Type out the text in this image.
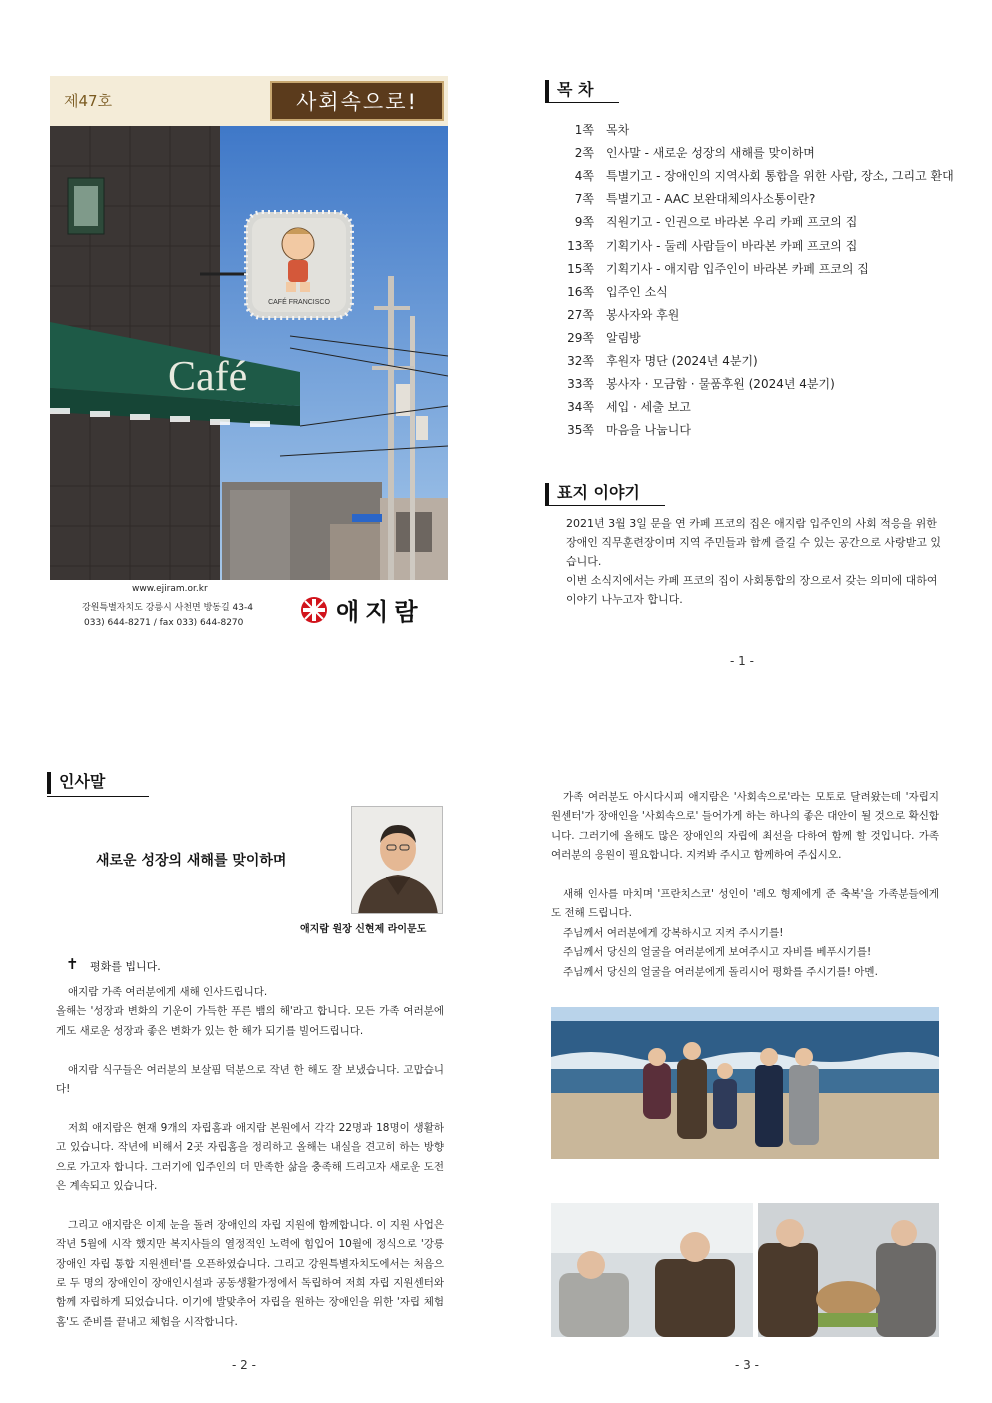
제47호	사회속으로!
Café
CAFÉ FRANCISCO
www.ejiram.or.kr
강원특별자치도 강릉시 사천면 방동길 43-4
033) 644-8271 / fax 033) 644-8270	애지람
목 차
1쪽 목차
2쪽 인사말 - 새로운 성장의 새해를 맞이하며
4쪽 특별기고 - 장애인의 지역사회 통합을 위한 사람, 장소, 그리고 환대
7쪽 특별기고 - AAC 보완대체의사소통이란?
9쪽 직원기고 - 인권으로 바라본 우리 카페 프코의 집
13쪽 기획기사 - 둘레 사람들이 바라본 카페 프코의 집
15쪽 기획기사 - 애지람 입주인이 바라본 카페 프코의 집
16쪽 입주인 소식
27쪽 봉사자와 후원
29쪽 알림방
32쪽 후원자 명단 (2024년 4분기)
33쪽 봉사자 · 모금함 · 물품후원 (2024년 4분기)
34쪽 세입 · 세출 보고
35쪽 마음을 나눕니다
표지 이야기

2021년 3월 3일 문을 연 카페 프코의 집은 애지람 입주인의 사회 적응을 위한 장애인 직무훈련장이며 지역 주민들과 함께 즐길 수 있는 공간으로 사랑받고 있습니다.

이번 소식지에서는 카페 프코의 집이 사회통합의 장으로서 갖는 의미에 대하여 이야기 나누고자 합니다.

- 1 -
인사말
새로운 성장의 새해를 맞이하며
애지람 원장 신현제 라이문도
✝ 평화를 빕니다.

애지람 가족 여러분에게 새해 인사드립니다.

올해는 '성장과 변화의 기운이 가득한 푸른 뱀의 해'라고 합니다. 모든 가족 여러분에게도 새로운 성장과 좋은 변화가 있는 한 해가 되기를 빌어드립니다.

애지람 식구들은 여러분의 보살핌 덕분으로 작년 한 해도 잘 보냈습니다. 고맙습니다!

저희 애지람은 현재 9개의 자립홈과 애지람 본원에서 각각 22명과 18명이 생활하고 있습니다. 작년에 비해서 2곳 자립홈을 정리하고 올해는 내실을 견고히 하는 방향으로 가고자 합니다. 그러기에 입주인의 더 만족한 삶을 충족해 드리고자 새로운 도전은 계속되고 있습니다.

그리고 애지람은 이제 눈을 돌려 장애인의 자립 지원에 함께합니다. 이 지원 사업은 작년 5월에 시작 했지만 복지사들의 열정적인 노력에 힘입어 10월에 정식으로 '강릉 장애인 자립 통합 지원센터'를 오픈하였습니다. 그리고 강원특별자치도에서는 처음으로 두 명의 장애인이 장애인시설과 공동생활가정에서 독립하여 저희 자립 지원센터와 함께 자립하게 되었습니다. 이기에 발맞추어 자립을 원하는 장애인을 위한 '자립 체험홈'도 준비를 끝내고 체험을 시작합니다.

- 2 -

가족 여러분도 아시다시피 애지람은 '사회속으로'라는 모토로 달려왔는데 '자립지원센터'가 장애인을 '사회속으로' 들어가게 하는 하나의 좋은 대안이 될 것으로 확신합니다. 그러기에 올해도 많은 장애인의 자립에 최선을 다하여 함께 할 것입니다. 가족 여러분의 응원이 필요합니다. 지켜봐 주시고 함께하여 주십시오.

새해 인사를 마치며 '프란치스코' 성인이 '레오 형제에게 준 축복'을 가족분들에게도 전해 드립니다.

주님께서 여러분에게 강복하시고 지켜 주시기를!

주님께서 당신의 얼굴을 여러분에게 보여주시고 자비를 베푸시기를!

주님께서 당신의 얼굴을 여러분에게 돌리시어 평화를 주시기를! 아멘.

- 3 -
